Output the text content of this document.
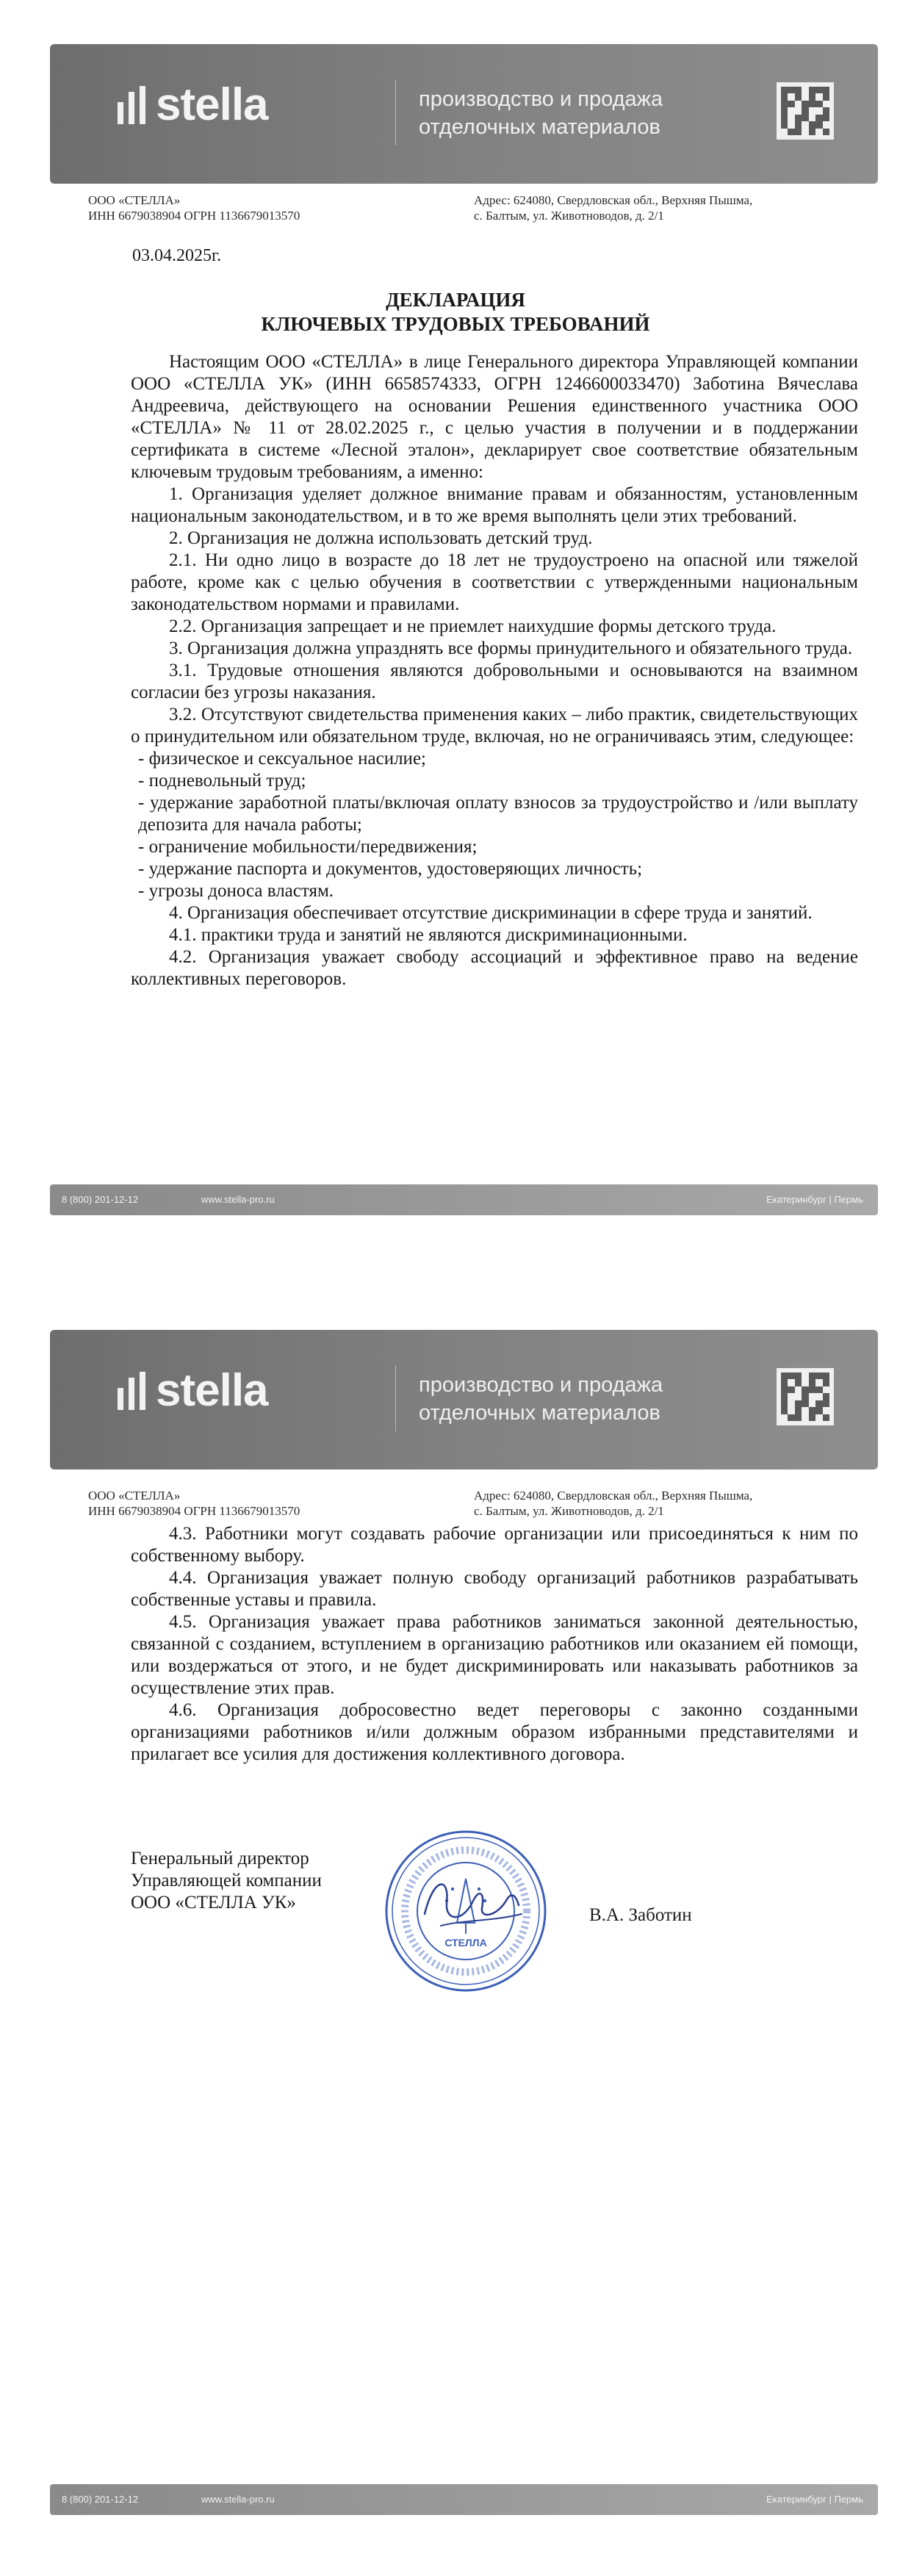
stella	производство и продажа
отделочных материалов
ООО «СТЕЛЛА»
ИНН 6679038904 ОГРН 1136679013570
Адрес: 624080, Свердловская обл., Верхняя Пышма,
с. Балтым, ул. Животноводов, д. 2/1
03.04.2025г.
ДЕКЛАРАЦИЯ
КЛЮЧЕВЫХ ТРУДОВЫХ ТРЕБОВАНИЙ

Настоящим ООО «СТЕЛЛА» в лице Генерального директора Управляющей компании ООО «СТЕЛЛА УК» (ИНН 6658574333, ОГРН 1246600033470) Заботина Вячеслава Андреевича, действующего на основании Решения единственного участника ООО «СТЕЛЛА» № 11 от 28.02.2025 г., с целью участия в получении и в поддержании сертификата в системе «Лесной эталон», декларирует свое соответствие обязательным ключевым трудовым требованиям, а именно:

1. Организация уделяет должное внимание правам и обязанностям, установленным национальным законодательством, и в то же время выполнять цели этих требований.

2. Организация не должна использовать детский труд.

2.1. Ни одно лицо в возрасте до 18 лет не трудоустроено на опасной или тяжелой работе, кроме как с целью обучения в соответствии с утвержденными национальным законодательством нормами и правилами.

2.2. Организация запрещает и не приемлет наихудшие формы детского труда.

3. Организация должна упразднять все формы принудительного и обязательного труда.

3.1. Трудовые отношения являются добровольными и основываются на взаимном согласии без угрозы наказания.

3.2. Отсутствуют свидетельства применения каких – либо практик, свидетельствующих о принудительном или обязательном труде, включая, но не ограничиваясь этим, следующее:

- физическое и сексуальное насилие;

- подневольный труд;

- удержание заработной платы/включая оплату взносов за трудоустройство и /или выплату депозита для начала работы;

- ограничение мобильности/передвижения;

- удержание паспорта и документов, удостоверяющих личность;

- угрозы доноса властям.

4. Организация обеспечивает отсутствие дискриминации в сфере труда и занятий.

4.1. практики труда и занятий не являются дискриминационными.

4.2. Организация уважает свободу ассоциаций и эффективное право на ведение коллективных переговоров.

8 (800) 201-12-12	www.stella-pro.ru	Екатеринбург | Пермь
stella	производство и продажа
отделочных материалов
ООО «СТЕЛЛА»
ИНН 6679038904 ОГРН 1136679013570
Адрес: 624080, Свердловская обл., Верхняя Пышма,
с. Балтым, ул. Животноводов, д. 2/1

4.3. Работники могут создавать рабочие организации или присоединяться к ним по собственному выбору.

4.4. Организация уважает полную свободу организаций работников разрабатывать собственные уставы и правила.

4.5. Организация уважает права работников заниматься законной деятельностью, связанной с созданием, вступлением в организацию работников или оказанием ей помощи, или воздержаться от этого, и не будет дискриминировать или наказывать работников за осуществление этих прав.

4.6. Организация добросовестно ведет переговоры с законно созданными организациями работников и/или должным образом избранными представителями и прилагает все усилия для достижения коллективного договора.

Генеральный директор
Управляющей компании
ООО «СТЕЛЛА УК»
СТЕЛЛА
В.А. Заботин
8 (800) 201-12-12	www.stella-pro.ru	Екатеринбург | Пермь
